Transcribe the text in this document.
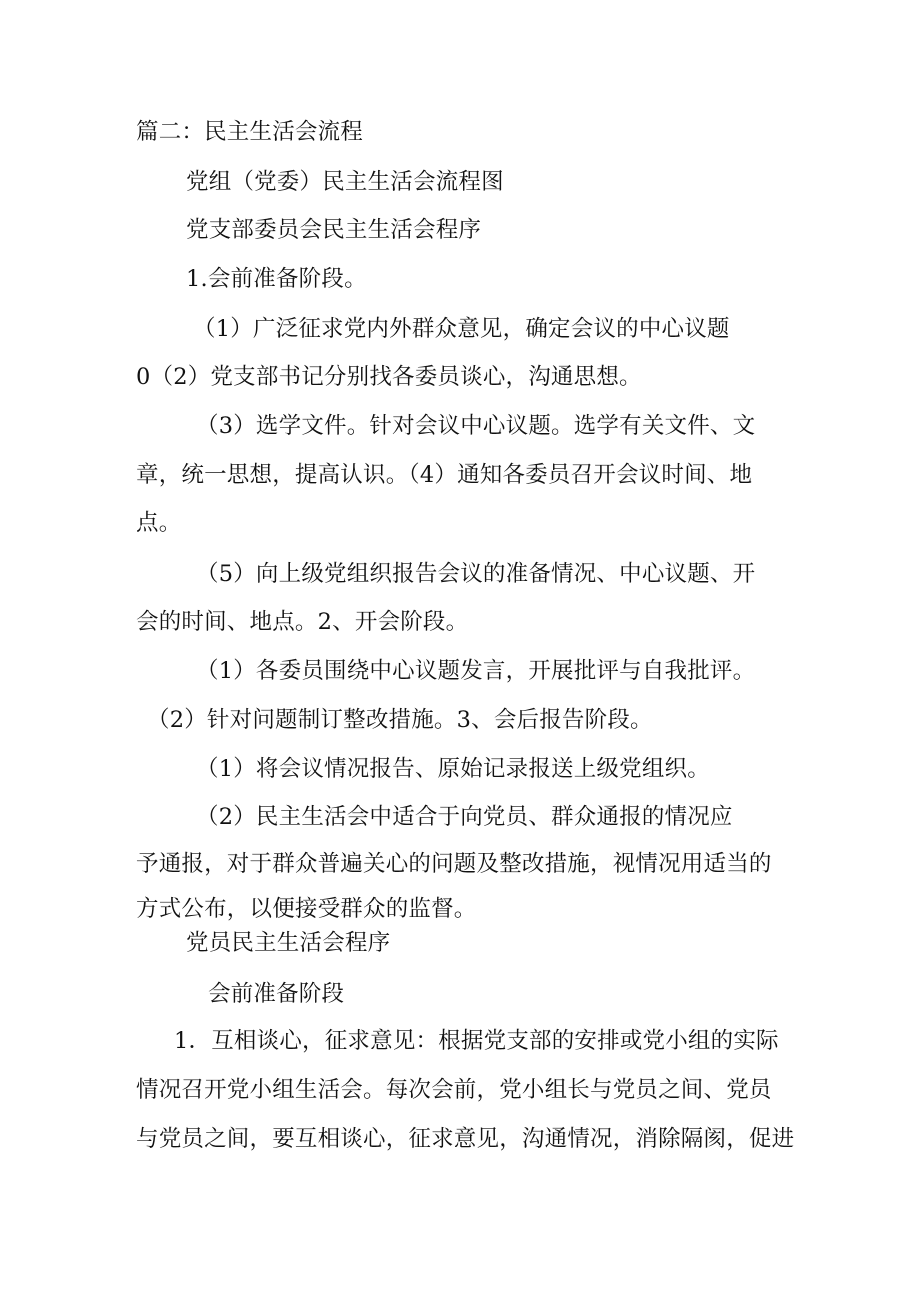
篇二：民主生活会流程
党组（党委）民主生活会流程图
党支部委员会民主生活会程序
1.会前准备阶段。
（1）广泛征求党内外群众意见，确定会议的中心议题
0（2）党支部书记分别找各委员谈心，沟通思想。
（3）选学文件。针对会议中心议题。选学有关文件、文
章，统一思想，提高认识。（4）通知各委员召开会议时间、地
点。
（5）向上级党组织报告会议的准备情况、中心议题、开
会的时间、地点。2、开会阶段。
（1）各委员围绕中心议题发言，开展批评与自我批评。
（2）针对问题制订整改措施。3、会后报告阶段。
（1）将会议情况报告、原始记录报送上级党组织。
（2）民主生活会中适合于向党员、群众通报的情况应
予通报，对于群众普遍关心的问题及整改措施，视情况用适当的
方式公布，以便接受群众的监督。
党员民主生活会程序
会前准备阶段
1．互相谈心，征求意见：根据党支部的安排或党小组的实际
情况召开党小组生活会。每次会前，党小组长与党员之间、党员
与党员之间，要互相谈心，征求意见，沟通情况，消除隔阂，促进
